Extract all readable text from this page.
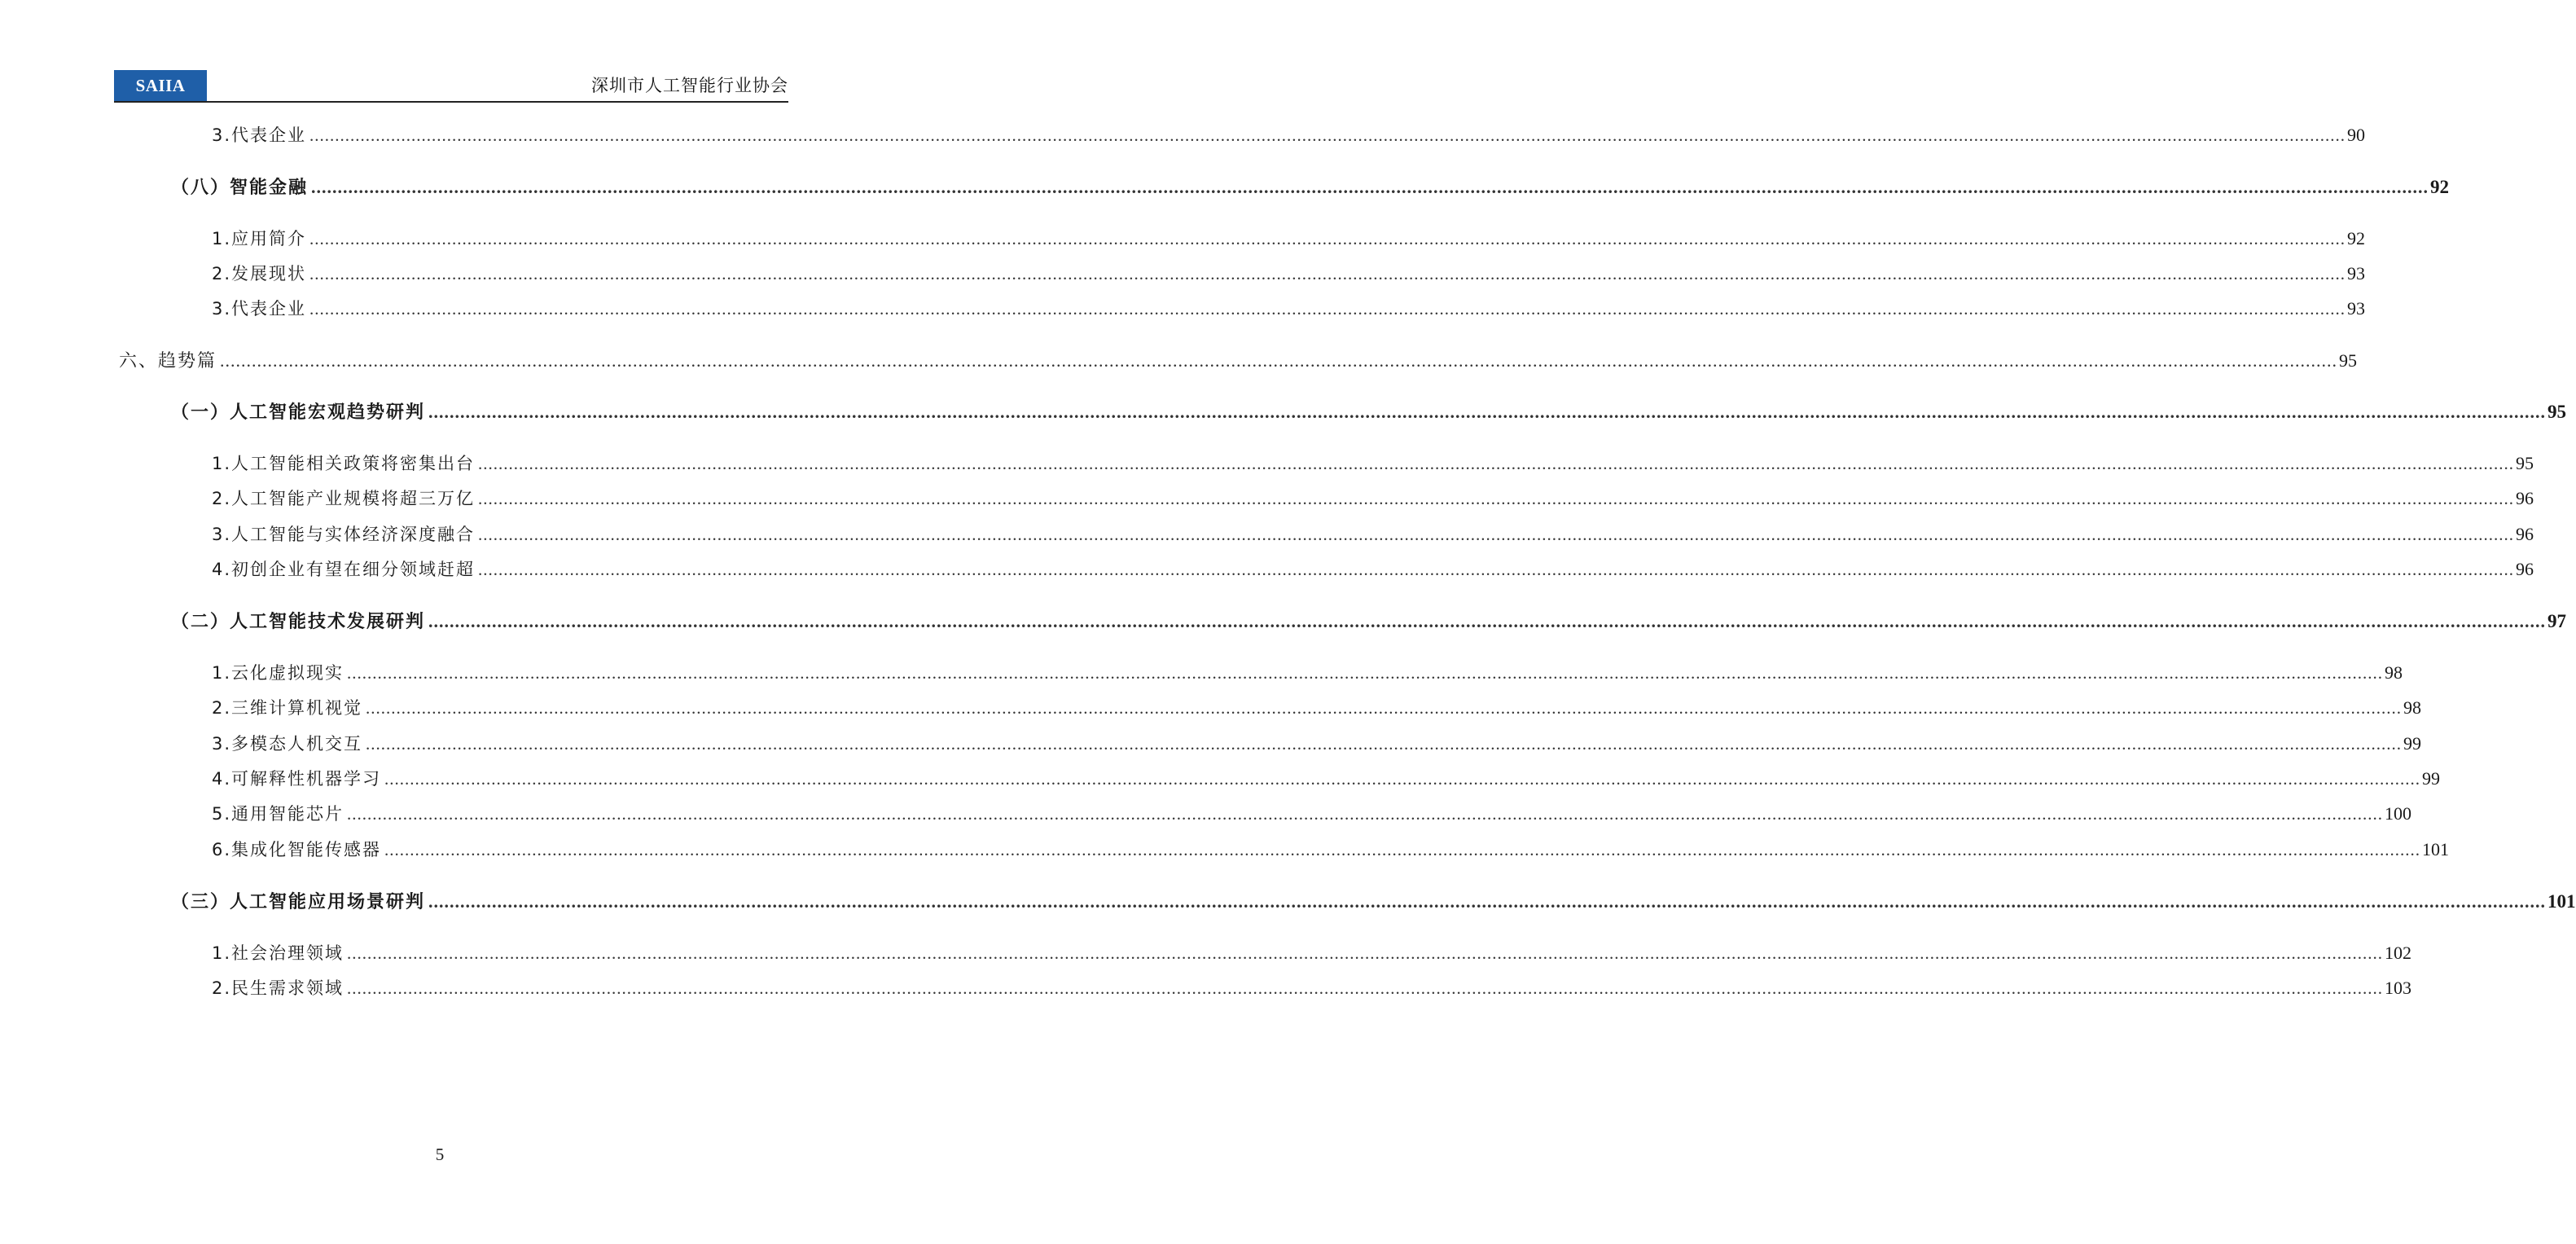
SAIIA	深圳市人工智能行业协会
3.代表企业 ................................................................................................................................................................................................................................................................................................................................................................................................................ 90
（八）智能金融 ................................................................................................................................................................................................................................................................................................................................................................................................................ 92
1.应用简介 ................................................................................................................................................................................................................................................................................................................................................................................................................ 92
2.发展现状 ................................................................................................................................................................................................................................................................................................................................................................................................................ 93
3.代表企业 ................................................................................................................................................................................................................................................................................................................................................................................................................ 93
六、趋势篇 ................................................................................................................................................................................................................................................................................................................................................................................................................ 95
（一）人工智能宏观趋势研判 ................................................................................................................................................................................................................................................................................................................................................................................................................ 95
1.人工智能相关政策将密集出台 ................................................................................................................................................................................................................................................................................................................................................................................................................ 95
2.人工智能产业规模将超三万亿 ................................................................................................................................................................................................................................................................................................................................................................................................................ 96
3.人工智能与实体经济深度融合 ................................................................................................................................................................................................................................................................................................................................................................................................................ 96
4.初创企业有望在细分领域赶超 ................................................................................................................................................................................................................................................................................................................................................................................................................ 96
（二）人工智能技术发展研判 ................................................................................................................................................................................................................................................................................................................................................................................................................ 97
1.云化虚拟现实 ................................................................................................................................................................................................................................................................................................................................................................................................................ 98
2.三维计算机视觉 ................................................................................................................................................................................................................................................................................................................................................................................................................ 98
3.多模态人机交互 ................................................................................................................................................................................................................................................................................................................................................................................................................ 99
4.可解释性机器学习 ................................................................................................................................................................................................................................................................................................................................................................................................................ 99
5.通用智能芯片 ................................................................................................................................................................................................................................................................................................................................................................................................................ 100
6.集成化智能传感器 ................................................................................................................................................................................................................................................................................................................................................................................................................ 101
（三）人工智能应用场景研判 ................................................................................................................................................................................................................................................................................................................................................................................................................ 101
1.社会治理领域 ................................................................................................................................................................................................................................................................................................................................................................................................................ 102
2.民生需求领域 ................................................................................................................................................................................................................................................................................................................................................................................................................ 103
5
